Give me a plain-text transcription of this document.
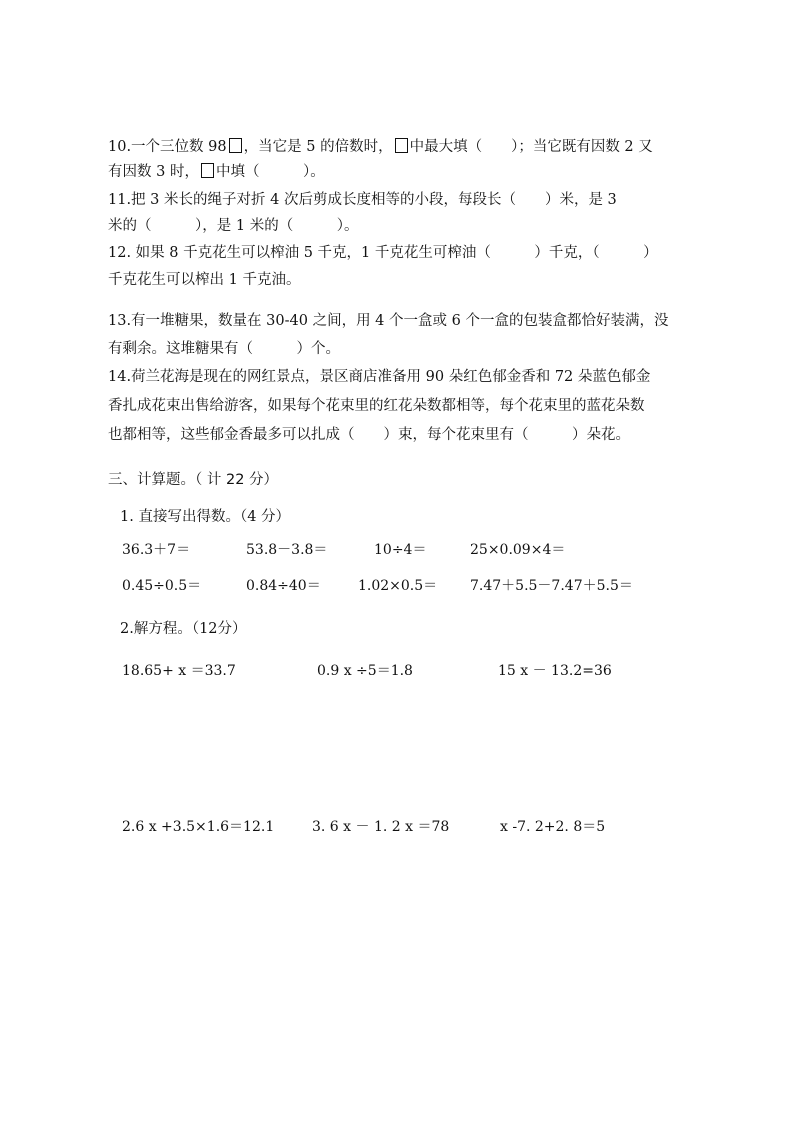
10.一个三位数 98 ，当它是 5 的倍数时， 中最大填（　　）；当它既有因数 2 又
有因数 3 时， 中填（　　　）。
11.把 3 米长的绳子对折 4 次后剪成长度相等的小段，每段长（　　）米，是 3
米的（　　　），是 1 米的（　　　）。
12. 如果 8 千克花生可以榨油 5 千克，1 千克花生可榨油（　　　）千克，（　　　）
千克花生可以榨出 1 千克油。
13.有一堆糖果，数量在 30-40 之间，用 4 个一盒或 6 个一盒的包装盒都恰好装满，没
有剩余。这堆糖果有（　　　）个。
14.荷兰花海是现在的网红景点，景区商店准备用 90 朵红色郁金香和 72 朵蓝色郁金
香扎成花束出售给游客，如果每个花束里的红花朵数都相等，每个花束里的蓝花朵数
也都相等，这些郁金香最多可以扎成（　　）束，每个花束里有（　　　）朵花。
三、计算题。（ 计 22 分）
1. 直接写出得数。（4 分）
36.3＋7＝	53.8－3.8＝	10÷4＝	25×0.09×4＝
0.45÷0.5＝	0.84÷40＝	1.02×0.5＝ 7.47＋5.5－7.47＋5.5＝
2.解方程。（12分）
18.65+ x ＝33.7	0.9 x ÷5＝1.8	15 x － 13.2=36
2.6 x +3.5×1.6＝12.1	3. 6 x － 1. 2 x ＝78	x -7. 2+2. 8＝5
